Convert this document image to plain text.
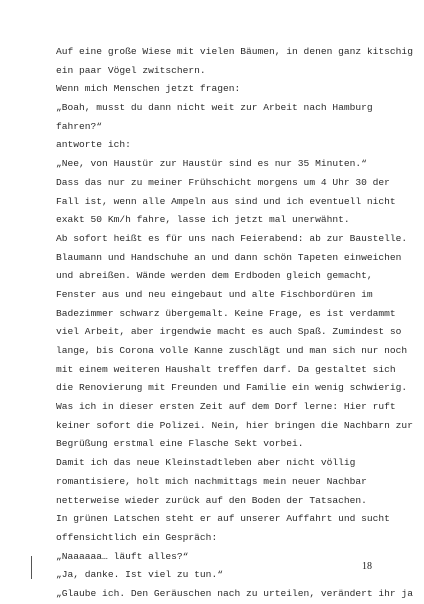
Auf eine große Wiese mit vielen Bäumen, in denen ganz kitschig
ein paar Vögel zwitschern.
Wenn mich Menschen jetzt fragen:
„Boah, musst du dann nicht weit zur Arbeit nach Hamburg
fahren?“
antworte ich:
„Nee, von Haustür zur Haustür sind es nur 35 Minuten.“
Dass das nur zu meiner Frühschicht morgens um 4 Uhr 30 der
Fall ist, wenn alle Ampeln aus sind und ich eventuell nicht
exakt 50 Km/h fahre, lasse ich jetzt mal unerwähnt.
Ab sofort heißt es für uns nach Feierabend: ab zur Baustelle.
Blaumann und Handschuhe an und dann schön Tapeten einweichen
und abreißen. Wände werden dem Erdboden gleich gemacht,
Fenster aus und neu eingebaut und alte Fischbordüren im
Badezimmer schwarz übergemalt. Keine Frage, es ist verdammt
viel Arbeit, aber irgendwie macht es auch Spaß. Zumindest so
lange, bis Corona volle Kanne zuschlägt und man sich nur noch
mit einem weiteren Haushalt treffen darf. Da gestaltet sich
die Renovierung mit Freunden und Familie ein wenig schwierig.
Was ich in dieser ersten Zeit auf dem Dorf lerne: Hier ruft
keiner sofort die Polizei. Nein, hier bringen die Nachbarn zur
Begrüßung erstmal eine Flasche Sekt vorbei.
Damit ich das neue Kleinstadtleben aber nicht völlig
romantisiere, holt mich nachmittags mein neuer Nachbar
netterweise wieder zurück auf den Boden der Tatsachen.
In grünen Latschen steht er auf unserer Auffahrt und sucht
offensichtlich ein Gespräch:
„Naaaaaa… läuft alles?“
„Ja, danke. Ist viel zu tun.“
„Glaube ich. Den Geräuschen nach zu urteilen, verändert ihr ja
18
